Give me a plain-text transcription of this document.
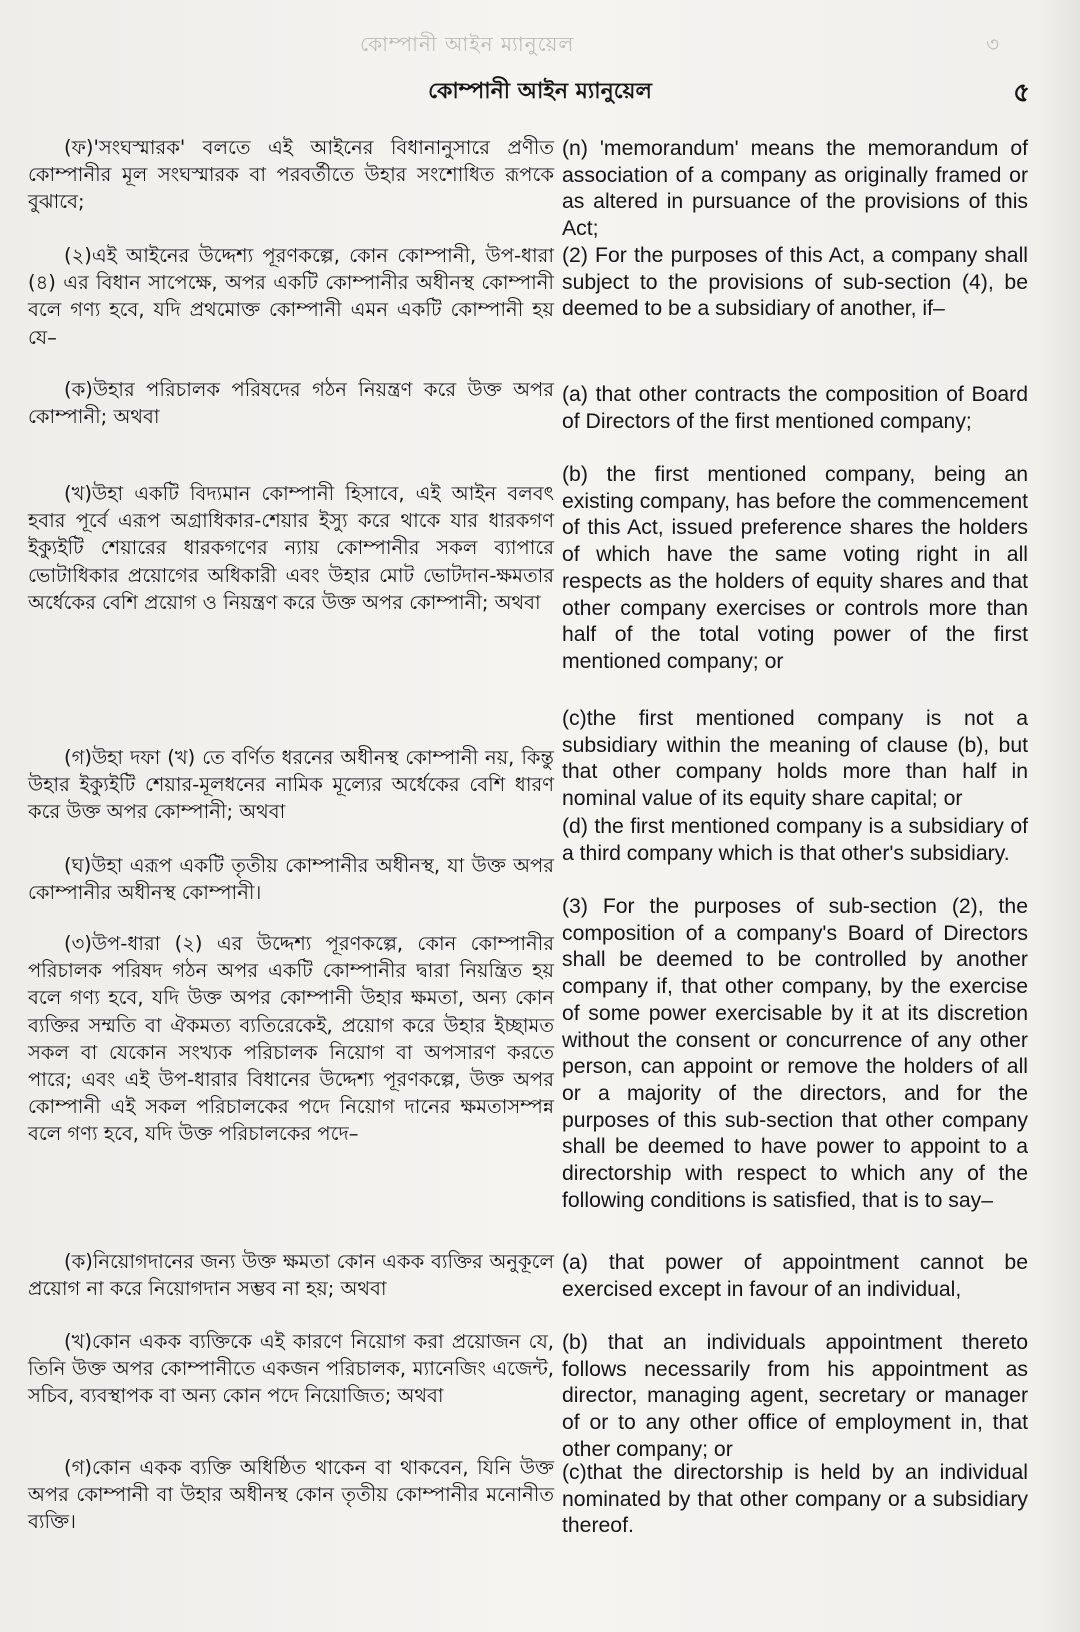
কোম্পানী আইন ম্যানুয়েল	৩
কোম্পানী আইন ম্যানুয়েল	৫

(ফ)'সংঘস্মারক' বলতে এই আইনের বিধানানুসারে প্রণীত কোম্পানীর মূল সংঘস্মারক বা পরবর্তীতে উহার সংশোধিত রূপকে বুঝাবে;

(২)এই আইনের উদ্দেশ্য পূরণকল্পে, কোন কোম্পানী, উপ-ধারা (৪) এর বিধান সাপেক্ষে, অপর একটি কোম্পানীর অধীনস্থ কোম্পানী বলে গণ্য হবে, যদি প্রথমোক্ত কোম্পানী এমন একটি কোম্পানী হয় যে–

(ক)উহার পরিচালক পরিষদের গঠন নিয়ন্ত্রণ করে উক্ত অপর কোম্পানী; অথবা

(খ)উহা একটি বিদ্যমান কোম্পানী হিসাবে, এই আইন বলবৎ হবার পূর্বে এরূপ অগ্রাধিকার-শেয়ার ইস্যু করে থাকে যার ধারকগণ ইক্যুইটি শেয়ারের ধারকগণের ন্যায় কোম্পানীর সকল ব্যাপারে ভোটাধিকার প্রয়োগের অধিকারী এবং উহার মোট ভোটদান-ক্ষমতার অর্ধেকের বেশি প্রয়োগ ও নিয়ন্ত্রণ করে উক্ত অপর কোম্পানী; অথবা

(গ)উহা দফা (খ) তে বর্ণিত ধরনের অধীনস্থ কোম্পানী নয়, কিন্তু উহার ইক্যুইটি শেয়ার-মূলধনের নামিক মূল্যের অর্ধেকের বেশি ধারণ করে উক্ত অপর কোম্পানী; অথবা

(ঘ)উহা এরূপ একটি তৃতীয় কোম্পানীর অধীনস্থ, যা উক্ত অপর কোম্পানীর অধীনস্থ কোম্পানী।

(৩)উপ-ধারা (২) এর উদ্দেশ্য পূরণকল্পে, কোন কোম্পানীর পরিচালক পরিষদ গঠন অপর একটি কোম্পানীর দ্বারা নিয়ন্ত্রিত হয় বলে গণ্য হবে, যদি উক্ত অপর কোম্পানী উহার ক্ষমতা, অন্য কোন ব্যক্তির সম্মতি বা ঐকমত্য ব্যতিরেকেই, প্রয়োগ করে উহার ইচ্ছামত সকল বা যেকোন সংখ্যক পরিচালক নিয়োগ বা অপসারণ করতে পারে; এবং এই উপ-ধারার বিধানের উদ্দেশ্য পূরণকল্পে, উক্ত অপর কোম্পানী এই সকল পরিচালকের পদে নিয়োগ দানের ক্ষমতাসম্পন্ন বলে গণ্য হবে, যদি উক্ত পরিচালকের পদে–

(ক)নিয়োগদানের জন্য উক্ত ক্ষমতা কোন একক ব্যক্তির অনুকূলে প্রয়োগ না করে নিয়োগদান সম্ভব না হয়; অথবা

(খ)কোন একক ব্যক্তিকে এই কারণে নিয়োগ করা প্রয়োজন যে, তিনি উক্ত অপর কোম্পানীতে একজন পরিচালক, ম্যানেজিং এজেন্ট, সচিব, ব্যবস্থাপক বা অন্য কোন পদে নিয়োজিত; অথবা

(গ)কোন একক ব্যক্তি অধিষ্ঠিত থাকেন বা থাকবেন, যিনি উক্ত অপর কোম্পানী বা উহার অধীনস্থ কোন তৃতীয় কোম্পানীর মনোনীত ব্যক্তি।

(n) 'memorandum' means the memorandum of association of a company as originally framed or as altered in pursuance of the provisions of this Act;

(2) For the purposes of this Act, a company shall subject to the provisions of sub-section (4), be deemed to be a subsidiary of another, if–

(a) that other contracts the composition of Board of Directors of the first mentioned company;

(b) the first mentioned company, being an existing company, has before the commencement of this Act, issued preference shares the holders of which have the same voting right in all respects as the holders of equity shares and that other company exercises or controls more than half of the total voting power of the first mentioned company; or

(c)the first mentioned company is not a subsidiary within the meaning of clause (b), but that other company holds more than half in nominal value of its equity share capital; or

(d) the first mentioned company is a subsidiary of a third company which is that other's subsidiary.

(3) For the purposes of sub-section (2), the composition of a company's Board of Directors shall be deemed to be controlled by another company if, that other company, by the exercise of some power exercisable by it at its discretion without the consent or concurrence of any other person, can appoint or remove the holders of all or a majority of the directors, and for the purposes of this sub-section that other company shall be deemed to have power to appoint to a directorship with respect to which any of the following conditions is satisfied, that is to say–

(a) that power of appointment cannot be exercised except in favour of an individual,

(b) that an individuals appointment thereto follows necessarily from his appointment as director, managing agent, secretary or manager of or to any other office of employment in, that other company; or

(c)that the directorship is held by an individual nominated by that other company or a subsidiary thereof.
